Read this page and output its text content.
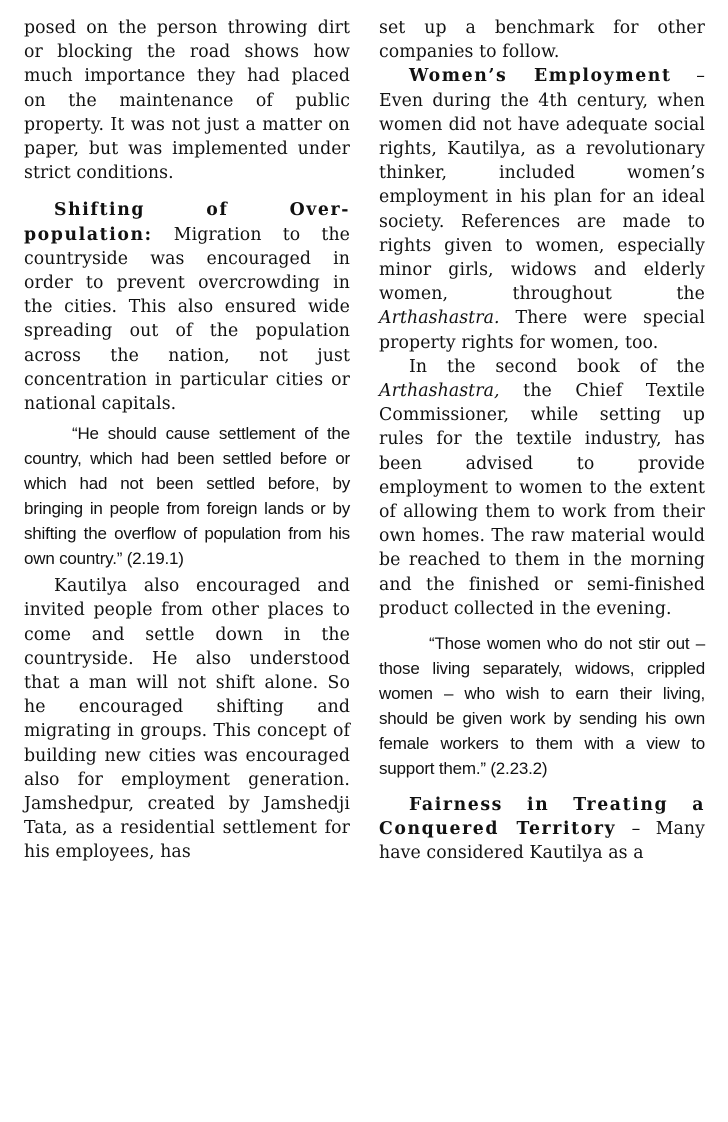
posed on the person throwing dirt or blocking the road shows how much importance they had placed on the maintenance of public property. It was not just a matter on paper, but was implemented under strict conditions.

Shifting of Over-population: Migration to the countryside was encouraged in order to prevent overcrowding in the cities. This also ensured wide spreading out of the population across the nation, not just concentration in particular cities or national capitals.

“He should cause settlement of the country, which had been settled before or which had not been settled before, by bringing in people from foreign lands or by shifting the overflow of population from his own country.” (2.19.1)

Kautilya also encouraged and invited people from other places to come and settle down in the countryside. He also understood that a man will not shift alone. So he encouraged shifting and migrating in groups. This concept of building new cities was encouraged also for employment generation. Jamshedpur, created by Jamshedji Tata, as a residential settlement for his employees, has

set up a benchmark for other companies to follow.

Women’s Employment – Even during the 4th century, when women did not have adequate social rights, Kautilya, as a revolutionary thinker, included women’s employment in his plan for an ideal society. References are made to rights given to women, especially minor girls, widows and elderly women, throughout the Arthashastra. There were special property rights for women, too.

In the second book of the Arthashastra, the Chief Textile Commissioner, while setting up rules for the textile industry, has been advised to provide employment to women to the extent of allowing them to work from their own homes. The raw material would be reached to them in the morning and the finished or semi-finished product collected in the evening.

“Those women who do not stir out – those living separately, widows, crippled women – who wish to earn their living, should be given work by sending his own female workers to them with a view to support them.” (2.23.2)

Fairness in Treating a Conquered Territory – Many have considered Kautilya as a
